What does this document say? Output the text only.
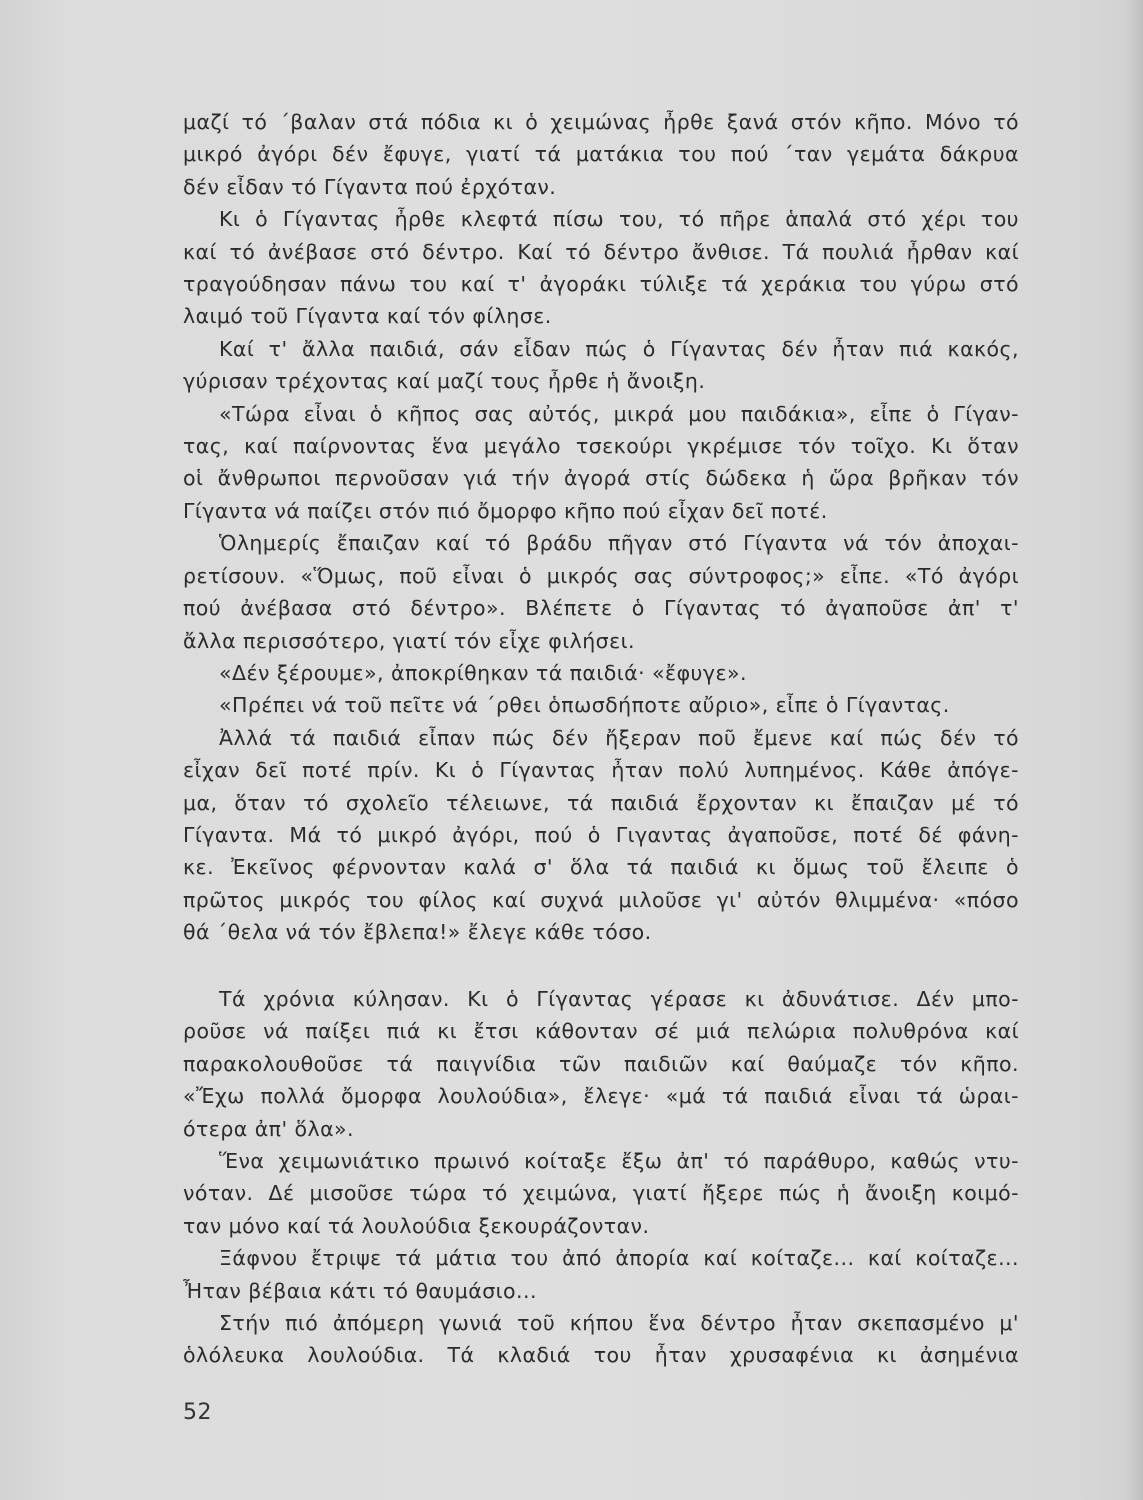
μαζί τό ΄βαλαν στά πόδια κι ὁ χειμώνας ἦρθε ξανά στόν κῆπο. Μόνο τό
μικρό ἀγόρι δέν ἔφυγε, γιατί τά ματάκια του πού ΄ταν γεμάτα δάκρυα
δέν εἶδαν τό Γίγαντα πού ἐρχόταν.
Κι ὁ Γίγαντας ἦρθε κλεφτά πίσω του, τό πῆρε ἁπαλά στό χέρι του
καί τό ἀνέβασε στό δέντρο. Καί τό δέντρο ἄνθισε. Τά πουλιά ἦρθαν καί
τραγούδησαν πάνω του καί τ' ἀγοράκι τύλιξε τά χεράκια του γύρω στό
λαιμό τοῦ Γίγαντα καί τόν φίλησε.
Καί τ' ἄλλα παιδιά, σάν εἶδαν πώς ὁ Γίγαντας δέν ἦταν πιά κακός,
γύρισαν τρέχοντας καί μαζί τους ἦρθε ἡ ἄνοιξη.
«Τώρα εἶναι ὁ κῆπος σας αὐτός, μικρά μου παιδάκια», εἶπε ὁ Γίγαν-
τας, καί παίρνοντας ἕνα μεγάλο τσεκούρι γκρέμισε τόν τοῖχο. Κι ὅταν
οἱ ἄνθρωποι περνοῦσαν γιά τήν ἀγορά στίς δώδεκα ἡ ὥρα βρῆκαν τόν
Γίγαντα νά παίζει στόν πιό ὄμορφο κῆπο πού εἶχαν δεῖ ποτέ.
Ὁλημερίς ἔπαιζαν καί τό βράδυ πῆγαν στό Γίγαντα νά τόν ἀποχαι-
ρετίσουν. «Ὅμως, ποῦ εἶναι ὁ μικρός σας σύντροφος;» εἶπε. «Τό ἀγόρι
πού ἀνέβασα στό δέντρο». Βλέπετε ὁ Γίγαντας τό ἀγαποῦσε ἀπ' τ'
ἄλλα περισσότερο, γιατί τόν εἶχε φιλήσει.
«Δέν ξέρουμε», ἀποκρίθηκαν τά παιδιά· «ἔφυγε».
«Πρέπει νά τοῦ πεῖτε νά ΄ρθει ὁπωσδήποτε αὔριο», εἶπε ὁ Γίγαντας.
Ἀλλά τά παιδιά εἶπαν πώς δέν ἤξεραν ποῦ ἔμενε καί πώς δέν τό
εἶχαν δεῖ ποτέ πρίν. Κι ὁ Γίγαντας ἦταν πολύ λυπημένος. Κάθε ἀπόγε-
μα, ὅταν τό σχολεῖο τέλειωνε, τά παιδιά ἔρχονταν κι ἔπαιζαν μέ τό
Γίγαντα. Μά τό μικρό ἀγόρι, πού ὁ Γιγαντας ἀγαποῦσε, ποτέ δέ φάνη-
κε. Ἐκεῖνος φέρνονταν καλά σ' ὅλα τά παιδιά κι ὅμως τοῦ ἔλειπε ὁ
πρῶτος μικρός του φίλος καί συχνά μιλοῦσε γι' αὐτόν θλιμμένα· «πόσο
θά ΄θελα νά τόν ἔβλεπα!» ἔλεγε κάθε τόσο.
Τά χρόνια κύλησαν. Κι ὁ Γίγαντας γέρασε κι ἀδυνάτισε. Δέν μπο-
ροῦσε νά παίξει πιά κι ἔτσι κάθονταν σέ μιά πελώρια πολυθρόνα καί
παρακολουθοῦσε τά παιγνίδια τῶν παιδιῶν καί θαύμαζε τόν κῆπο.
«Ἔχω πολλά ὄμορφα λουλούδια», ἔλεγε· «μά τά παιδιά εἶναι τά ὡραι-
ότερα ἀπ' ὅλα».
Ἕνα χειμωνιάτικο πρωινό κοίταξε ἔξω ἀπ' τό παράθυρο, καθώς ντυ-
νόταν. Δέ μισοῦσε τώρα τό χειμώνα, γιατί ἤξερε πώς ἡ ἄνοιξη κοιμό-
ταν μόνο καί τά λουλούδια ξεκουράζονταν.
Ξάφνου ἔτριψε τά μάτια του ἀπό ἀπορία καί κοίταζε... καί κοίταζε...
Ἦταν βέβαια κάτι τό θαυμάσιο...
Στήν πιό ἀπόμερη γωνιά τοῦ κήπου ἕνα δέντρο ἦταν σκεπασμένο μ'
ὁλόλευκα λουλούδια. Τά κλαδιά του ἦταν χρυσαφένια κι ἀσημένια
52
